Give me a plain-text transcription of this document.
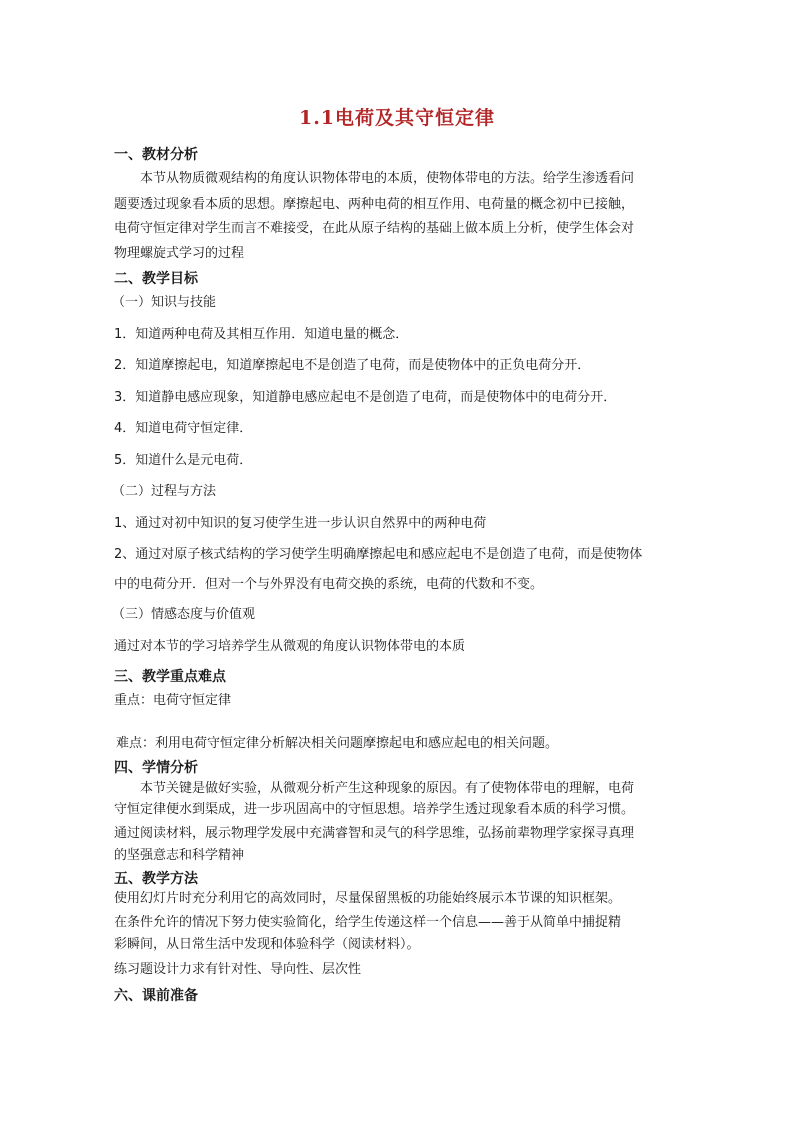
1.1电荷及其守恒定律
一、教材分析
本节从物质微观结构的角度认识物体带电的本质，使物体带电的方法。给学生渗透看问
题要透过现象看本质的思想。摩擦起电、两种电荷的相互作用、电荷量的概念初中已接触，
电荷守恒定律对学生而言不难接受，在此从原子结构的基础上做本质上分析，使学生体会对
物理螺旋式学习的过程
二、教学目标
（一）知识与技能
1．知道两种电荷及其相互作用．知道电量的概念．
2．知道摩擦起电，知道摩擦起电不是创造了电荷，而是使物体中的正负电荷分开．
3．知道静电感应现象，知道静电感应起电不是创造了电荷，而是使物体中的电荷分开．
4．知道电荷守恒定律．
5．知道什么是元电荷．
（二）过程与方法
1、通过对初中知识的复习使学生进一步认识自然界中的两种电荷
2、通过对原子核式结构的学习使学生明确摩擦起电和感应起电不是创造了电荷，而是使物体
中的电荷分开．但对一个与外界没有电荷交换的系统，电荷的代数和不变。
（三）情感态度与价值观
通过对本节的学习培养学生从微观的角度认识物体带电的本质
三、教学重点难点
重点：电荷守恒定律
难点：利用电荷守恒定律分析解决相关问题摩擦起电和感应起电的相关问题。
四、学情分析
本节关键是做好实验，从微观分析产生这种现象的原因。有了使物体带电的理解，电荷
守恒定律便水到渠成，进一步巩固高中的守恒思想。培养学生透过现象看本质的科学习惯。
通过阅读材料，展示物理学发展中充满睿智和灵气的科学思维，弘扬前辈物理学家探寻真理
的坚强意志和科学精神
五、教学方法
使用幻灯片时充分利用它的高效同时，尽量保留黑板的功能始终展示本节课的知识框架。
在条件允许的情况下努力使实验简化，给学生传递这样一个信息——善于从简单中捕捉精
彩瞬间，从日常生活中发现和体验科学（阅读材料）。
练习题设计力求有针对性、导向性、层次性
六、课前准备
